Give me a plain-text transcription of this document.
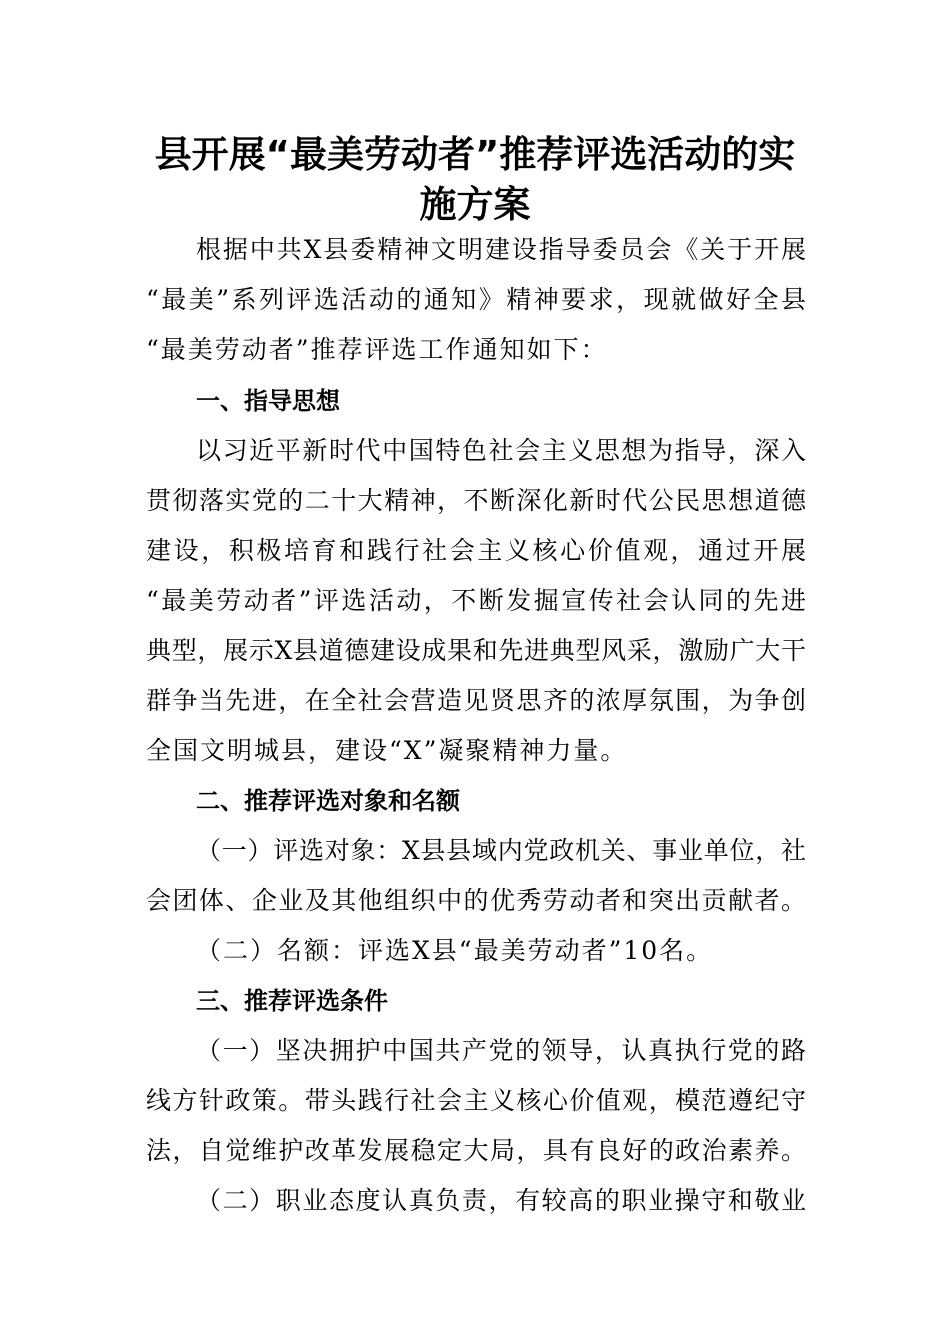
县开展“最美劳动者”推荐评选活动的实
施方案
根据中共X县委精神文明建设指导委员会《关于开展
“最美”系列评选活动的通知》精神要求，现就做好全县
“最美劳动者”推荐评选工作通知如下：
一、指导思想
以习近平新时代中国特色社会主义思想为指导，深入
贯彻落实党的二十大精神，不断深化新时代公民思想道德
建设，积极培育和践行社会主义核心价值观，通过开展
“最美劳动者”评选活动，不断发掘宣传社会认同的先进
典型，展示X县道德建设成果和先进典型风采，激励广大干
群争当先进，在全社会营造见贤思齐的浓厚氛围，为争创
全国文明城县，建设“X”凝聚精神力量。
二、推荐评选对象和名额
（一）评选对象：X县县域内党政机关、事业单位，社
会团体、企业及其他组织中的优秀劳动者和突出贡献者。
（二）名额：评选X县“最美劳动者”10名。
三、推荐评选条件
（一）坚决拥护中国共产党的领导，认真执行党的路
线方针政策。带头践行社会主义核心价值观，模范遵纪守
法，自觉维护改革发展稳定大局，具有良好的政治素养。
（二）职业态度认真负责，有较高的职业操守和敬业
